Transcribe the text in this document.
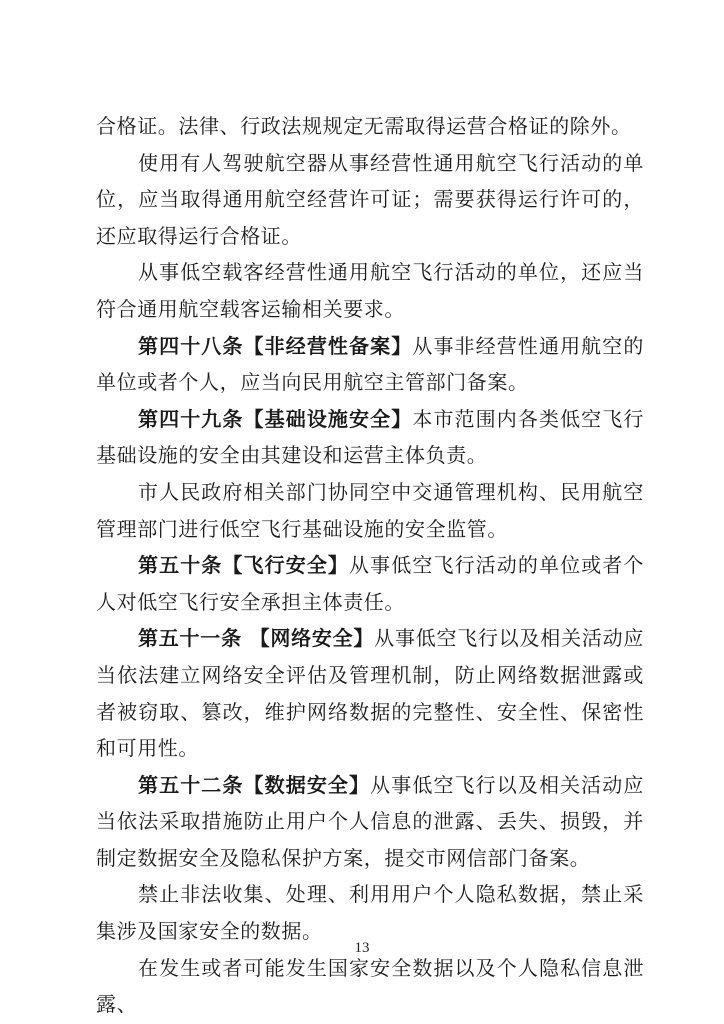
合格证。法律、行政法规规定无需取得运营合格证的除外。

使用有人驾驶航空器从事经营性通用航空飞行活动的单位，应当取得通用航空经营许可证；需要获得运行许可的，还应取得运行合格证。

从事低空载客经营性通用航空飞行活动的单位，还应当符合通用航空载客运输相关要求。

第四十八条【非经营性备案】从事非经营性通用航空的单位或者个人，应当向民用航空主管部门备案。

第四十九条【基础设施安全】本市范围内各类低空飞行基础设施的安全由其建设和运营主体负责。

市人民政府相关部门协同空中交通管理机构、民用航空管理部门进行低空飞行基础设施的安全监管。

第五十条【飞行安全】从事低空飞行活动的单位或者个人对低空飞行安全承担主体责任。

第五十一条 【网络安全】从事低空飞行以及相关活动应当依法建立网络安全评估及管理机制，防止网络数据泄露或者被窃取、篡改，维护网络数据的完整性、安全性、保密性和可用性。

第五十二条【数据安全】从事低空飞行以及相关活动应当依法采取措施防止用户个人信息的泄露、丢失、损毁，并制定数据安全及隐私保护方案，提交市网信部门备案。

禁止非法收集、处理、利用用户个人隐私数据，禁止采集涉及国家安全的数据。

在发生或者可能发生国家安全数据以及个人隐私信息泄露、

13
